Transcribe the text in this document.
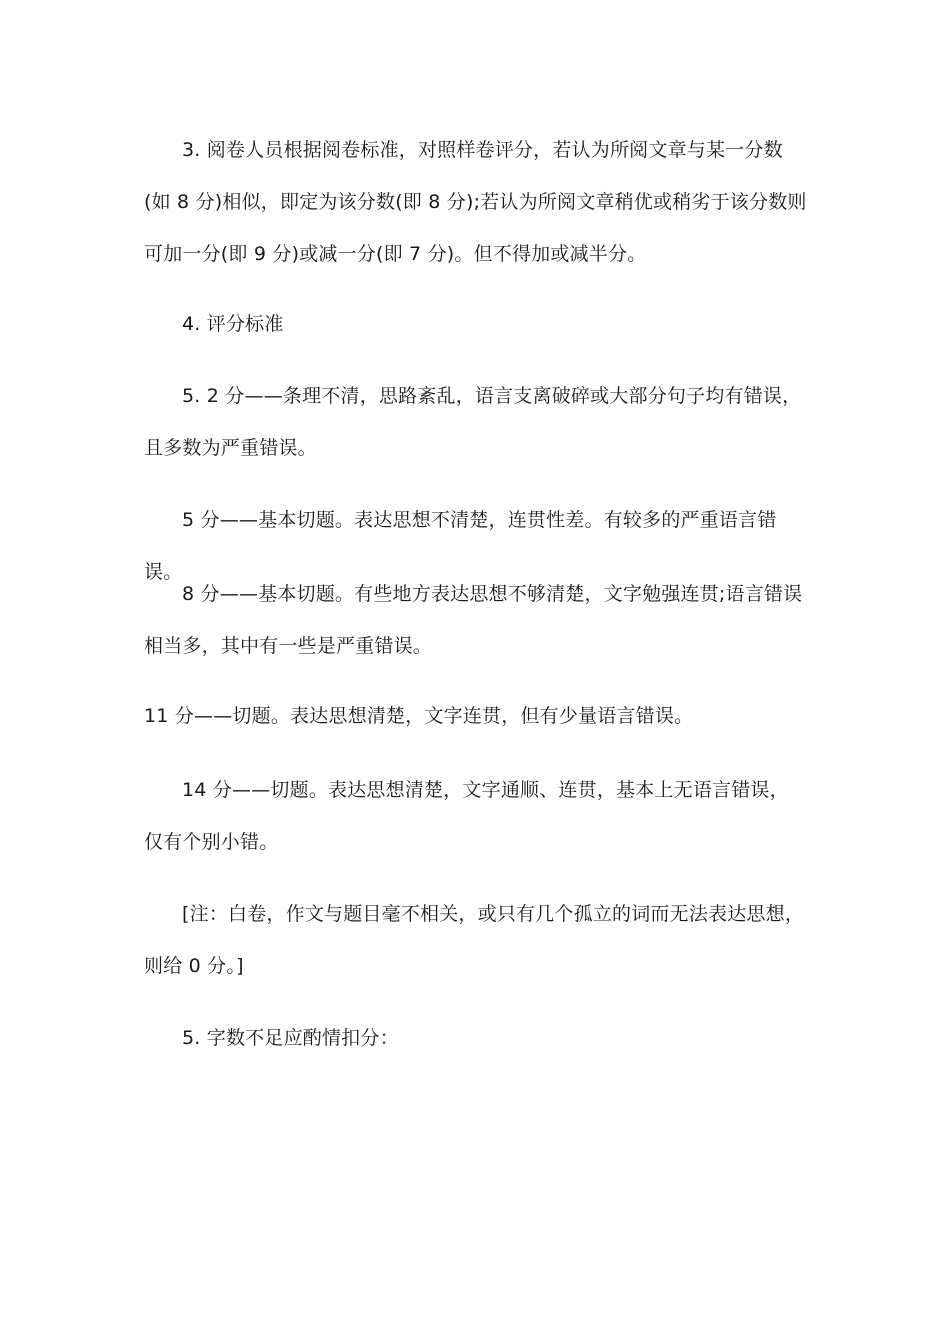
3. 阅卷人员根据阅卷标准，对照样卷评分，若认为所阅文章与某一分数(如 8 分)相似，即定为该分数(即 8 分);若认为所阅文章稍优或稍劣于该分数则可加一分(即 9 分)或减一分(即 7 分)。但不得加或减半分。

4. 评分标准

5. 2 分——条理不清，思路紊乱，语言支离破碎或大部分句子均有错误，且多数为严重错误。

5 分——基本切题。表达思想不清楚，连贯性差。有较多的严重语言错误。

8 分——基本切题。有些地方表达思想不够清楚，文字勉强连贯;语言错误相当多，其中有一些是严重错误。

11 分——切题。表达思想清楚，文字连贯，但有少量语言错误。

14 分——切题。表达思想清楚，文字通顺、连贯，基本上无语言错误，仅有个别小错。

[注：白卷，作文与题目毫不相关，或只有几个孤立的词而无法表达思想，则给 0 分。]

5. 字数不足应酌情扣分：
